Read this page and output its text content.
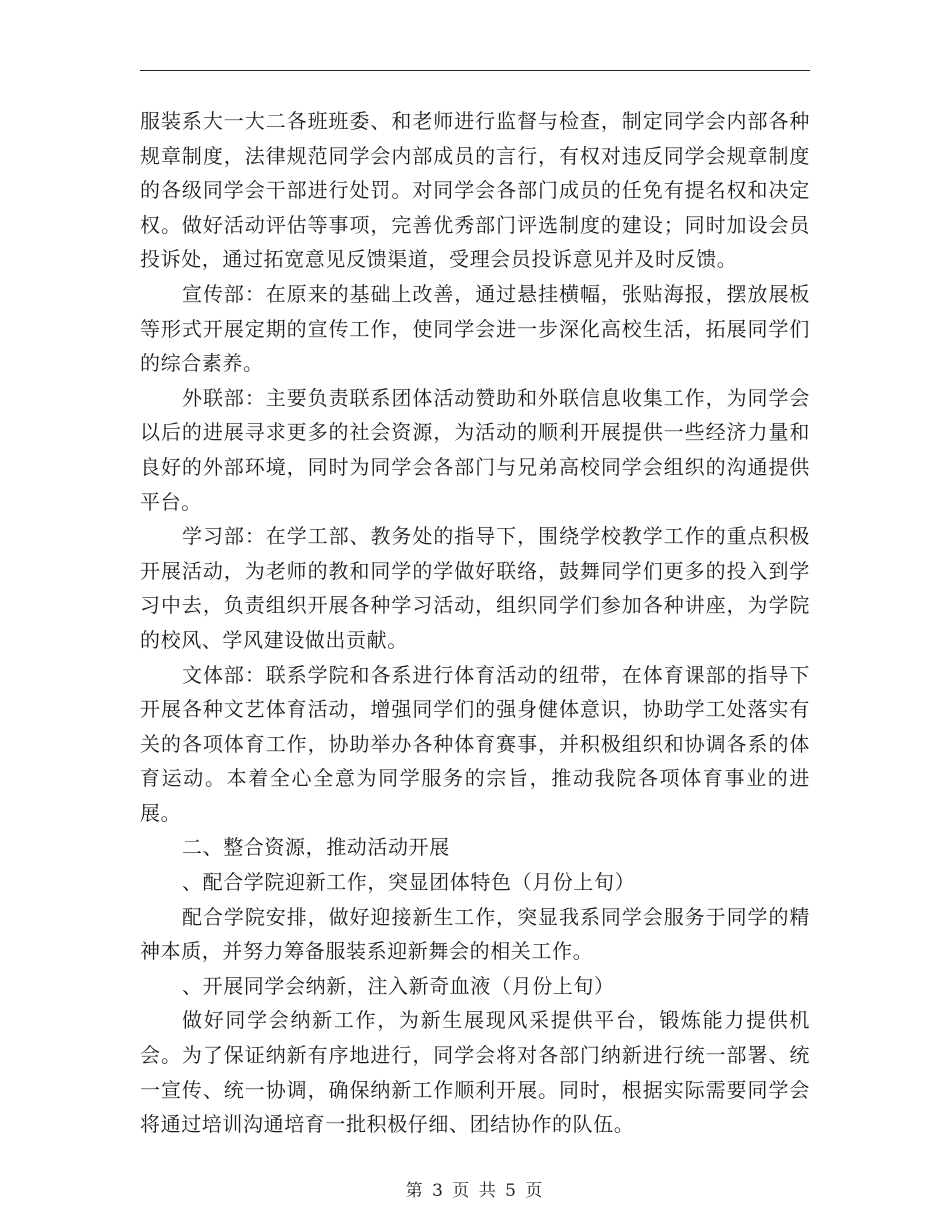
服装系大一大二各班班委、和老师进行监督与检查，制定同学会内部各种规章制度，法律规范同学会内部成员的言行，有权对违反同学会规章制度的各级同学会干部进行处罚。对同学会各部门成员的任免有提名权和决定权。做好活动评估等事项，完善优秀部门评选制度的建设；同时加设会员投诉处，通过拓宽意见反馈渠道，受理会员投诉意见并及时反馈。

宣传部：在原来的基础上改善，通过悬挂横幅，张贴海报，摆放展板等形式开展定期的宣传工作，使同学会进一步深化高校生活，拓展同学们的综合素养。

外联部：主要负责联系团体活动赞助和外联信息收集工作，为同学会以后的进展寻求更多的社会资源，为活动的顺利开展提供一些经济力量和良好的外部环境，同时为同学会各部门与兄弟高校同学会组织的沟通提供平台。

学习部：在学工部、教务处的指导下，围绕学校教学工作的重点积极开展活动，为老师的教和同学的学做好联络，鼓舞同学们更多的投入到学习中去，负责组织开展各种学习活动，组织同学们参加各种讲座，为学院的校风、学风建设做出贡献。

文体部：联系学院和各系进行体育活动的纽带，在体育课部的指导下开展各种文艺体育活动，增强同学们的强身健体意识，协助学工处落实有关的各项体育工作，协助举办各种体育赛事，并积极组织和协调各系的体育运动。本着全心全意为同学服务的宗旨，推动我院各项体育事业的进展。

二、整合资源，推动活动开展

、配合学院迎新工作，突显团体特色（月份上旬）

配合学院安排，做好迎接新生工作，突显我系同学会服务于同学的精神本质，并努力筹备服装系迎新舞会的相关工作。

、开展同学会纳新，注入新奇血液（月份上旬）

做好同学会纳新工作，为新生展现风采提供平台，锻炼能力提供机会。为了保证纳新有序地进行，同学会将对各部门纳新进行统一部署、统一宣传、统一协调，确保纳新工作顺利开展。同时，根据实际需要同学会将通过培训沟通培育一批积极仔细、团结协作的队伍。

第 3 页 共 5 页
